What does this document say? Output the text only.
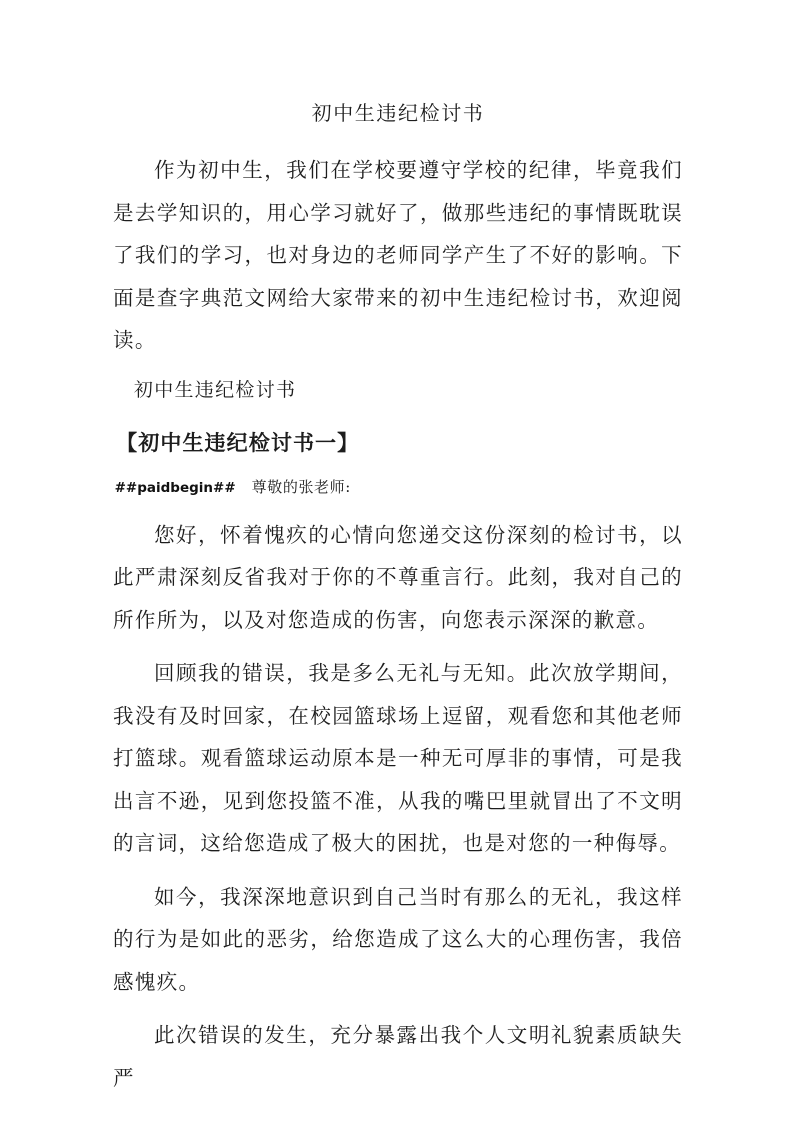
初中生违纪检讨书

作为初中生，我们在学校要遵守学校的纪律，毕竟我们是去学知识的，用心学习就好了，做那些违纪的事情既耽误了我们的学习，也对身边的老师同学产生了不好的影响。下面是查字典范文网给大家带来的初中生违纪检讨书，欢迎阅读。

初中生违纪检讨书

【初中生违纪检讨书一】

##paidbegin## 尊敬的张老师:

您好，怀着愧疚的心情向您递交这份深刻的检讨书，以此严肃深刻反省我对于你的不尊重言行。此刻，我对自己的所作所为，以及对您造成的伤害，向您表示深深的歉意。

回顾我的错误，我是多么无礼与无知。此次放学期间，我没有及时回家，在校园篮球场上逗留，观看您和其他老师打篮球。观看篮球运动原本是一种无可厚非的事情，可是我出言不逊，见到您投篮不准，从我的嘴巴里就冒出了不文明的言词，这给您造成了极大的困扰，也是对您的一种侮辱。

如今，我深深地意识到自己当时有那么的无礼，我这样的行为是如此的恶劣，给您造成了这么大的心理伤害，我倍感愧疚。

此次错误的发生，充分暴露出我个人文明礼貌素质缺失严
